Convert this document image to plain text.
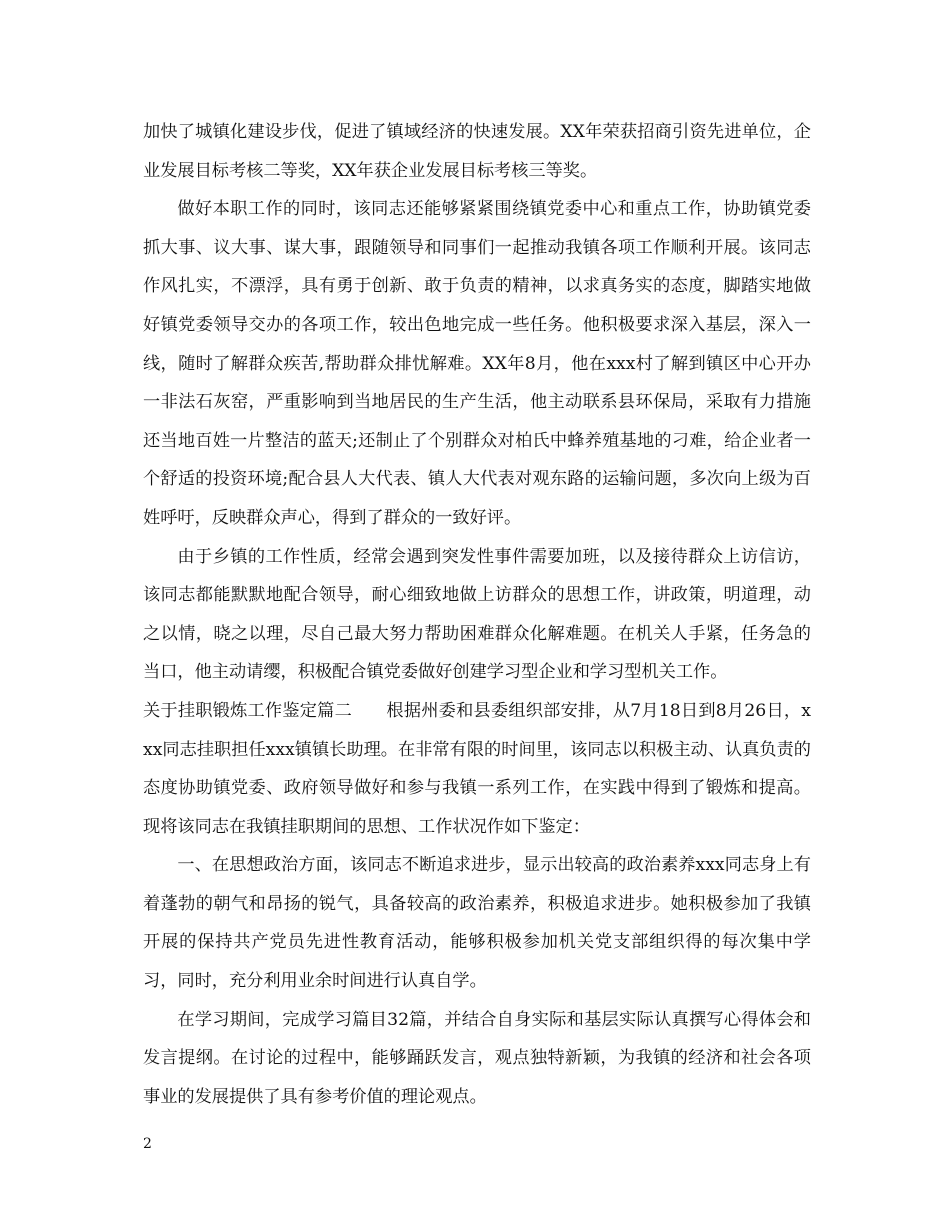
加快了城镇化建设步伐，促进了镇域经济的快速发展。XX年荣获招商引资先进单位，企业发展目标考核二等奖，XX年获企业发展目标考核三等奖。

做好本职工作的同时，该同志还能够紧紧围绕镇党委中心和重点工作，协助镇党委抓大事、议大事、谋大事，跟随领导和同事们一起推动我镇各项工作顺利开展。该同志作风扎实，不漂浮，具有勇于创新、敢于负责的精神，以求真务实的态度，脚踏实地做好镇党委领导交办的各项工作，较出色地完成一些任务。他积极要求深入基层，深入一线，随时了解群众疾苦,帮助群众排忧解难。XX年8月，他在xxx村了解到镇区中心开办一非法石灰窑，严重影响到当地居民的生产生活，他主动联系县环保局，采取有力措施还当地百姓一片整洁的蓝天;还制止了个别群众对柏氏中蜂养殖基地的刁难，给企业者一个舒适的投资环境;配合县人大代表、镇人大代表对观东路的运输问题，多次向上级为百姓呼吁，反映群众声心，得到了群众的一致好评。

由于乡镇的工作性质，经常会遇到突发性事件需要加班，以及接待群众上访信访，该同志都能默默地配合领导，耐心细致地做上访群众的思想工作，讲政策，明道理，动之以情，晓之以理，尽自己最大努力帮助困难群众化解难题。在机关人手紧，任务急的当口，他主动请缨，积极配合镇党委做好创建学习型企业和学习型机关工作。

关于挂职锻炼工作鉴定篇二 根据州委和县委组织部安排，从7月18日到8月26日，xxx同志挂职担任xxx镇镇长助理。在非常有限的时间里，该同志以积极主动、认真负责的态度协助镇党委、政府领导做好和参与我镇一系列工作，在实践中得到了锻炼和提高。现将该同志在我镇挂职期间的思想、工作状况作如下鉴定：

一、在思想政治方面，该同志不断追求进步，显示出较高的政治素养xxx同志身上有着蓬勃的朝气和昂扬的锐气，具备较高的政治素养，积极追求进步。她积极参加了我镇开展的保持共产党员先进性教育活动，能够积极参加机关党支部组织得的每次集中学习，同时，充分利用业余时间进行认真自学。

在学习期间，完成学习篇目32篇，并结合自身实际和基层实际认真撰写心得体会和发言提纲。在讨论的过程中，能够踊跃发言，观点独特新颖，为我镇的经济和社会各项事业的发展提供了具有参考价值的理论观点。

2
